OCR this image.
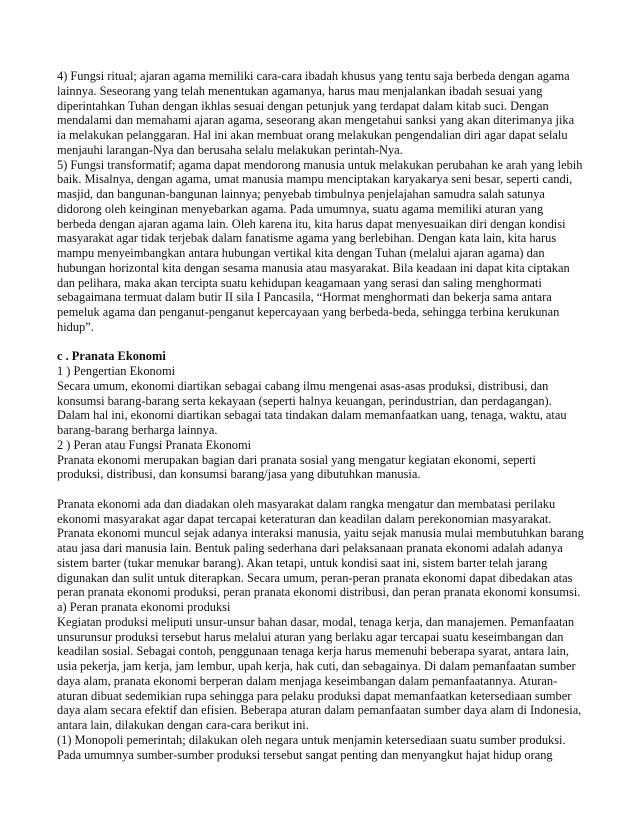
4) Fungsi ritual; ajaran agama memiliki cara-cara ibadah khusus yang tentu saja berbeda dengan agama lainnya. Seseorang yang telah menentukan agamanya, harus mau menjalankan ibadah sesuai yang diperintahkan Tuhan dengan ikhlas sesuai dengan petunjuk yang terdapat dalam kitab suci. Dengan mendalami dan memahami ajaran agama, seseorang akan mengetahui sanksi yang akan diterimanya jika ia melakukan pelanggaran. Hal ini akan membuat orang melakukan pengendalian diri agar dapat selalu menjauhi larangan-Nya dan berusaha selalu melakukan perintah-Nya.

5) Fungsi transformatif; agama dapat mendorong manusia untuk melakukan perubahan ke arah yang lebih baik. Misalnya, dengan agama, umat manusia mampu menciptakan karyakarya seni besar, seperti candi, masjid, dan bangunan-bangunan lainnya; penyebab timbulnya penjelajahan samudra salah satunya didorong oleh keinginan menyebarkan agama. Pada umumnya, suatu agama memiliki aturan yang berbeda dengan ajaran agama lain. Oleh karena itu, kita harus dapat menyesuaikan diri dengan kondisi masyarakat agar tidak terjebak dalam fanatisme agama yang berlebihan. Dengan kata lain, kita harus mampu menyeimbangkan antara hubungan vertikal kita dengan Tuhan (melalui ajaran agama) dan hubungan horizontal kita dengan sesama manusia atau masyarakat. Bila keadaan ini dapat kita ciptakan dan pelihara, maka akan tercipta suatu kehidupan keagamaan yang serasi dan saling menghormati sebagaimana termuat dalam butir II sila I Pancasila, “Hormat menghormati dan bekerja sama antara pemeluk agama dan penganut-penganut kepercayaan yang berbeda-beda, sehingga terbina kerukunan hidup”.

c . Pranata Ekonomi

1 ) Pengertian Ekonomi

Secara umum, ekonomi diartikan sebagai cabang ilmu mengenai asas-asas produksi, distribusi, dan konsumsi barang-barang serta kekayaan (seperti halnya keuangan, perindustrian, dan perdagangan). Dalam hal ini, ekonomi diartikan sebagai tata tindakan dalam memanfaatkan uang, tenaga, waktu, atau barang-barang berharga lainnya.

2 ) Peran atau Fungsi Pranata Ekonomi

Pranata ekonomi merupakan bagian dari pranata sosial yang mengatur kegiatan ekonomi, seperti produksi, distribusi, dan konsumsi barang/jasa yang dibutuhkan manusia.

Pranata ekonomi ada dan diadakan oleh masyarakat dalam rangka mengatur dan membatasi perilaku ekonomi masyarakat agar dapat tercapai keteraturan dan keadilan dalam perekonomian masyarakat. Pranata ekonomi muncul sejak adanya interaksi manusia, yaitu sejak manusia mulai membutuhkan barang atau jasa dari manusia lain. Bentuk paling sederhana dari pelaksanaan pranata ekonomi adalah adanya sistem barter (tukar menukar barang). Akan tetapi, untuk kondisi saat ini, sistem barter telah jarang digunakan dan sulit untuk diterapkan. Secara umum, peran-peran pranata ekonomi dapat dibedakan atas peran pranata ekonomi produksi, peran pranata ekonomi distribusi, dan peran pranata ekonomi konsumsi.

a) Peran pranata ekonomi produksi

Kegiatan produksi meliputi unsur-unsur bahan dasar, modal, tenaga kerja, dan manajemen. Pemanfaatan unsurunsur produksi tersebut harus melalui aturan yang berlaku agar tercapai suatu keseimbangan dan keadilan sosial. Sebagai contoh, penggunaan tenaga kerja harus memenuhi beberapa syarat, antara lain, usia pekerja, jam kerja, jam lembur, upah kerja, hak cuti, dan sebagainya. Di dalam pemanfaatan sumber daya alam, pranata ekonomi berperan dalam menjaga keseimbangan dalam pemanfaatannya. Aturan-aturan dibuat sedemikian rupa sehingga para pelaku produksi dapat memanfaatkan ketersediaan sumber daya alam secara efektif dan efisien. Beberapa aturan dalam pemanfaatan sumber daya alam di Indonesia, antara lain, dilakukan dengan cara-cara berikut ini.

(1) Monopoli pemerintah; dilakukan oleh negara untuk menjamin ketersediaan suatu sumber produksi. Pada umumnya sumber-sumber produksi tersebut sangat penting dan menyangkut hajat hidup orang
